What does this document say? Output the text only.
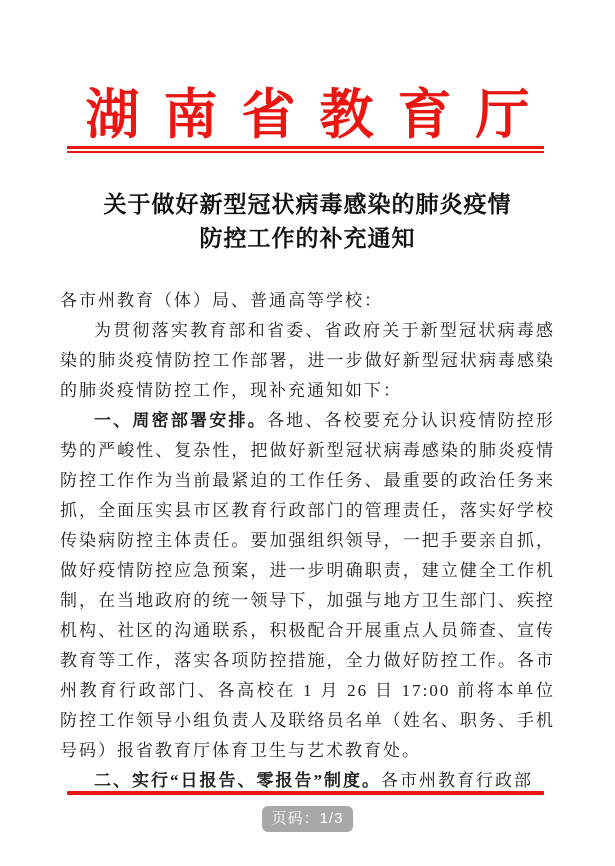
湖南省教育厅
关于做好新型冠状病毒感染的肺炎疫情
防控工作的补充通知

各市州教育（体）局、普通高等学校：

为贯彻落实教育部和省委、省政府关于新型冠状病毒感染的肺炎疫情防控工作部署，进一步做好新型冠状病毒感染的肺炎疫情防控工作，现补充通知如下：

一、周密部署安排。各地、各校要充分认识疫情防控形势的严峻性、复杂性，把做好新型冠状病毒感染的肺炎疫情防控工作作为当前最紧迫的工作任务、最重要的政治任务来抓，全面压实县市区教育行政部门的管理责任，落实好学校传染病防控主体责任。要加强组织领导，一把手要亲自抓，做好疫情防控应急预案，进一步明确职责，建立健全工作机制，在当地政府的统一领导下，加强与地方卫生部门、疾控机构、社区的沟通联系，积极配合开展重点人员筛查、宣传教育等工作，落实各项防控措施，全力做好防控工作。各市州教育行政部门、各高校在 1 月 26 日 17:00 前将本单位防控工作领导小组负责人及联络员名单（姓名、职务、手机号码）报省教育厅体育卫生与艺术教育处。

二、实行“日报告、零报告”制度。各市州教育行政部

页码：1/3
